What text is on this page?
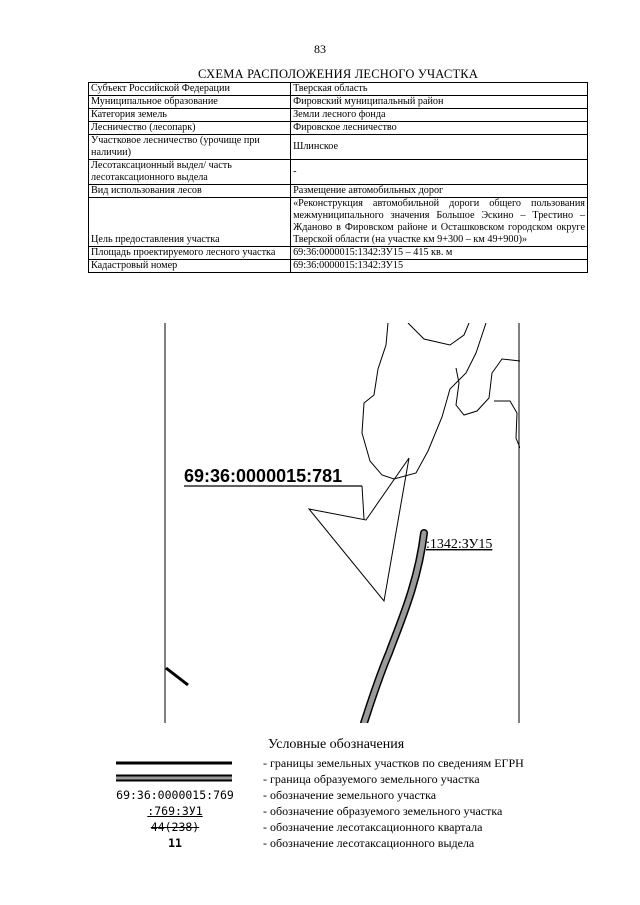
83
СХЕМА РАСПОЛОЖЕНИЯ ЛЕСНОГО УЧАСТКА
Субъект Российской Федерации	Тверская область
Муниципальное образование	Фировский муниципальный район
Категория земель	Земли лесного фонда
Лесничество (лесопарк)	Фировское лесничество
Участковое лесничество (урочище при наличии)	Шлинское
Лесотаксационный выдел/ часть лесотаксационного выдела	-
Вид использования лесов	Размещение автомобильных дорог
Цель предоставления участка	«Реконструкция автомобильной дороги общего пользования межмуниципального значения Большое Эскино – Трестино – Жданово в Фировском районе и Осташковском городском округе Тверской области (на участке км 9+300 – км 49+900)»
Площадь проектируемого лесного участка	69:36:0000015:1342:ЗУ15 – 415 кв. м
Кадастровый номер	69:36:0000015:1342:ЗУ15
69:36:0000015:781
:1342:ЗУ15
Условные обозначения
69:36:0000015:769
:769:ЗУ1
44(238)
11
- границы земельных участков по сведениям ЕГРН
- граница образуемого земельного участка
- обозначение земельного участка
- обозначение образуемого земельного участка
- обозначение лесотаксационного квартала
- обозначение лесотаксационного выдела
